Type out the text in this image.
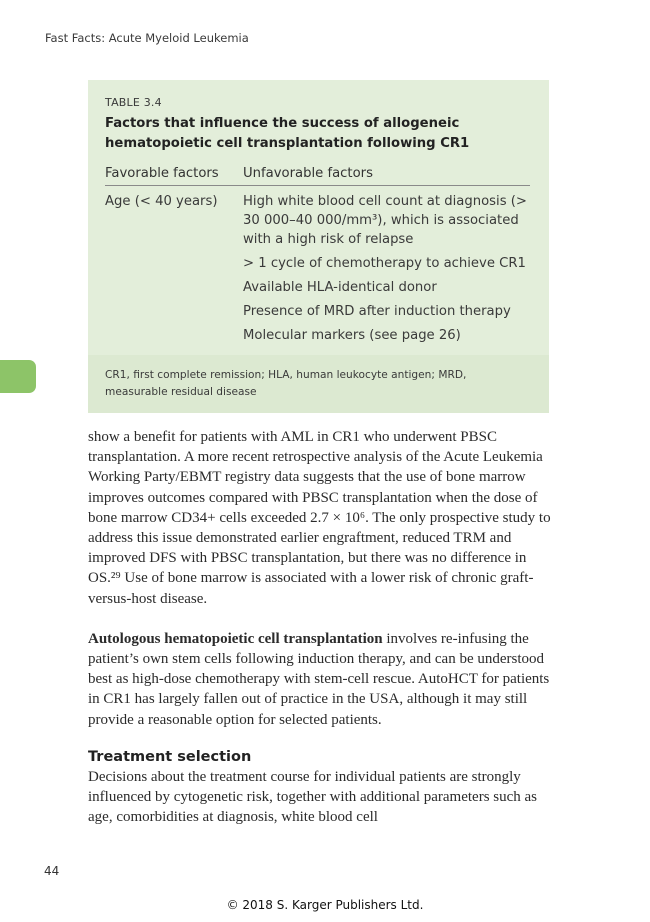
Fast Facts: Acute Myeloid Leukemia
TABLE 3.4
Factors that influence the success of allogeneic hematopoietic cell transplantation following CR1
Favorable factors	Unfavorable factors
Age (< 40 years)	High white blood cell count at diagnosis (> 30 000–40 000/mm³), which is associated with a high risk of relapse
> 1 cycle of chemotherapy to achieve CR1
Available HLA-identical donor
Presence of MRD after induction therapy
Molecular markers (see page 26)
CR1, first complete remission; HLA, human leukocyte antigen; MRD, measurable residual disease

show a benefit for patients with AML in CR1 who underwent PBSC transplantation. A more recent retrospective analysis of the Acute Leukemia Working Party/EBMT registry data suggests that the use of bone marrow improves outcomes compared with PBSC transplantation when the dose of bone marrow CD34+ cells exceeded 2.7 × 10⁶. The only prospective study to address this issue demonstrated earlier engraftment, reduced TRM and improved DFS with PBSC transplantation, but there was no difference in OS.²⁹ Use of bone marrow is associated with a lower risk of chronic graft-versus-host disease.

Autologous hematopoietic cell transplantation involves re-infusing the patient’s own stem cells following induction therapy, and can be understood best as high-dose chemotherapy with stem-cell rescue. AutoHCT for patients in CR1 has largely fallen out of practice in the USA, although it may still provide a reasonable option for selected patients.

Treatment selection

Decisions about the treatment course for individual patients are strongly influenced by cytogenetic risk, together with additional parameters such as age, comorbidities at diagnosis, white blood cell

44
© 2018 S. Karger Publishers Ltd.
